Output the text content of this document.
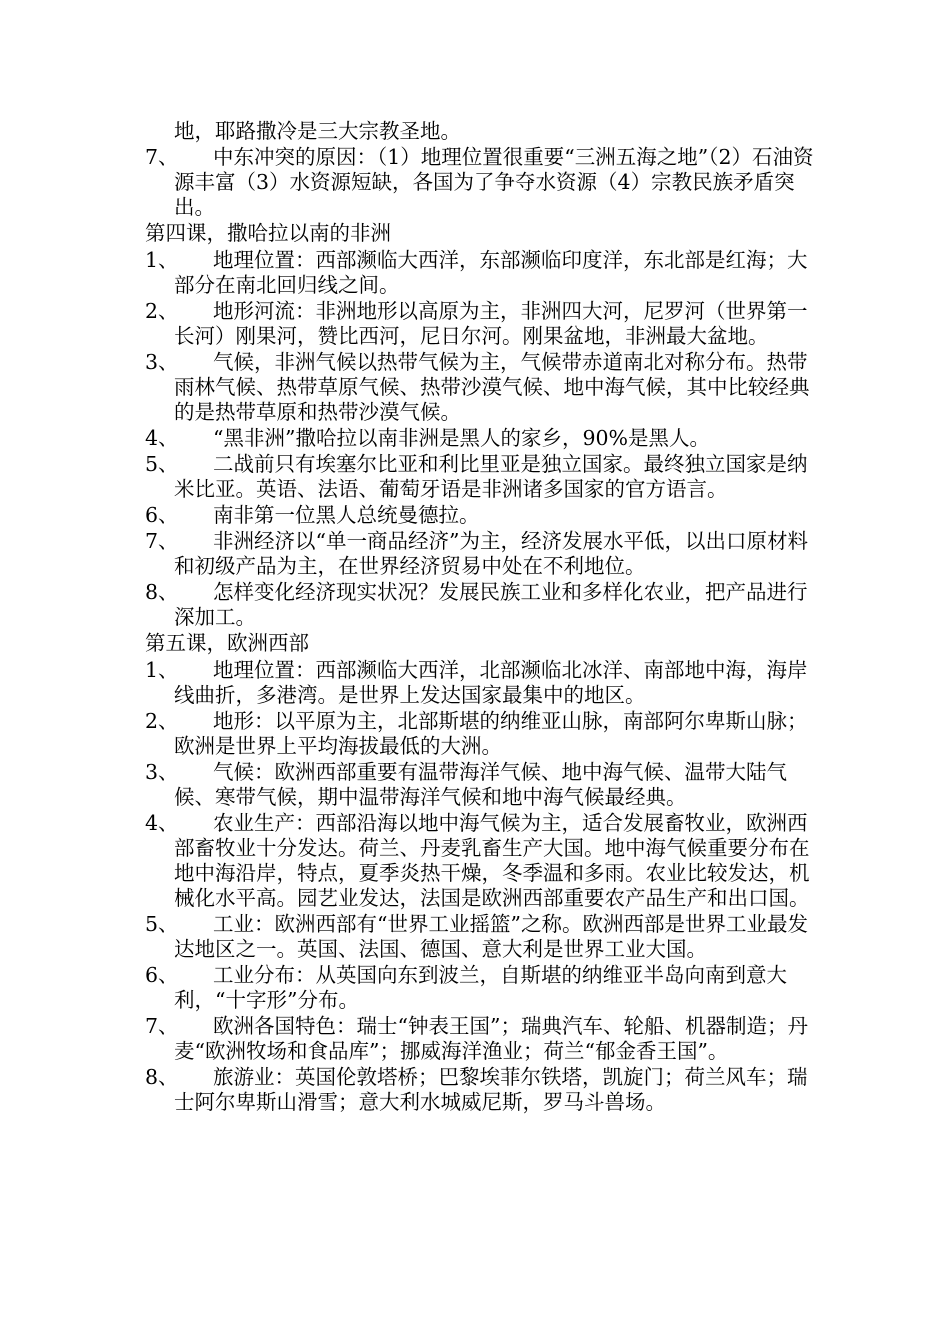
地，耶路撒冷是三大宗教圣地。
7、	中东冲突的原因：（1）地理位置很重要“三洲五海之地”（2）石油资源丰富（3）水资源短缺，各国为了争夺水资源（4）宗教民族矛盾突出。
第四课，撒哈拉以南的非洲
1、	地理位置：西部濒临大西洋，东部濒临印度洋，东北部是红海；大部分在南北回归线之间。
2、	地形河流：非洲地形以高原为主，非洲四大河，尼罗河（世界第一长河）刚果河，赞比西河，尼日尔河。刚果盆地，非洲最大盆地。
3、	气候，非洲气候以热带气候为主，气候带赤道南北对称分布。热带雨林气候、热带草原气候、热带沙漠气候、地中海气候，其中比较经典的是热带草原和热带沙漠气候。
4、	“黑非洲”撒哈拉以南非洲是黑人的家乡，90%是黑人。
5、	二战前只有埃塞尔比亚和利比里亚是独立国家。最终独立国家是纳米比亚。英语、法语、葡萄牙语是非洲诸多国家的官方语言。
6、	南非第一位黑人总统曼德拉。
7、	非洲经济以“单一商品经济”为主，经济发展水平低，以出口原材料和初级产品为主，在世界经济贸易中处在不利地位。
8、	怎样变化经济现实状况？发展民族工业和多样化农业，把产品进行深加工。
第五课，欧洲西部
1、	地理位置：西部濒临大西洋，北部濒临北冰洋、南部地中海，海岸线曲折，多港湾。是世界上发达国家最集中的地区。
2、	地形：以平原为主，北部斯堪的纳维亚山脉，南部阿尔卑斯山脉；欧洲是世界上平均海拔最低的大洲。
3、	气候：欧洲西部重要有温带海洋气候、地中海气候、温带大陆气候、寒带气候，期中温带海洋气候和地中海气候最经典。
4、	农业生产：西部沿海以地中海气候为主，适合发展畜牧业，欧洲西部畜牧业十分发达。荷兰、丹麦乳畜生产大国。地中海气候重要分布在地中海沿岸，特点，夏季炎热干燥，冬季温和多雨。农业比较发达，机械化水平高。园艺业发达，法国是欧洲西部重要农产品生产和出口国。
5、	工业：欧洲西部有“世界工业摇篮”之称。欧洲西部是世界工业最发达地区之一。英国、法国、德国、意大利是世界工业大国。
6、	工业分布：从英国向东到波兰，自斯堪的纳维亚半岛向南到意大利，“十字形”分布。
7、	欧洲各国特色：瑞士“钟表王国”；瑞典汽车、轮船、机器制造；丹麦“欧洲牧场和食品库”；挪威海洋渔业；荷兰“郁金香王国”。
8、	旅游业：英国伦敦塔桥；巴黎埃菲尔铁塔，凯旋门；荷兰风车；瑞士阿尔卑斯山滑雪；意大利水城威尼斯，罗马斗兽场。
